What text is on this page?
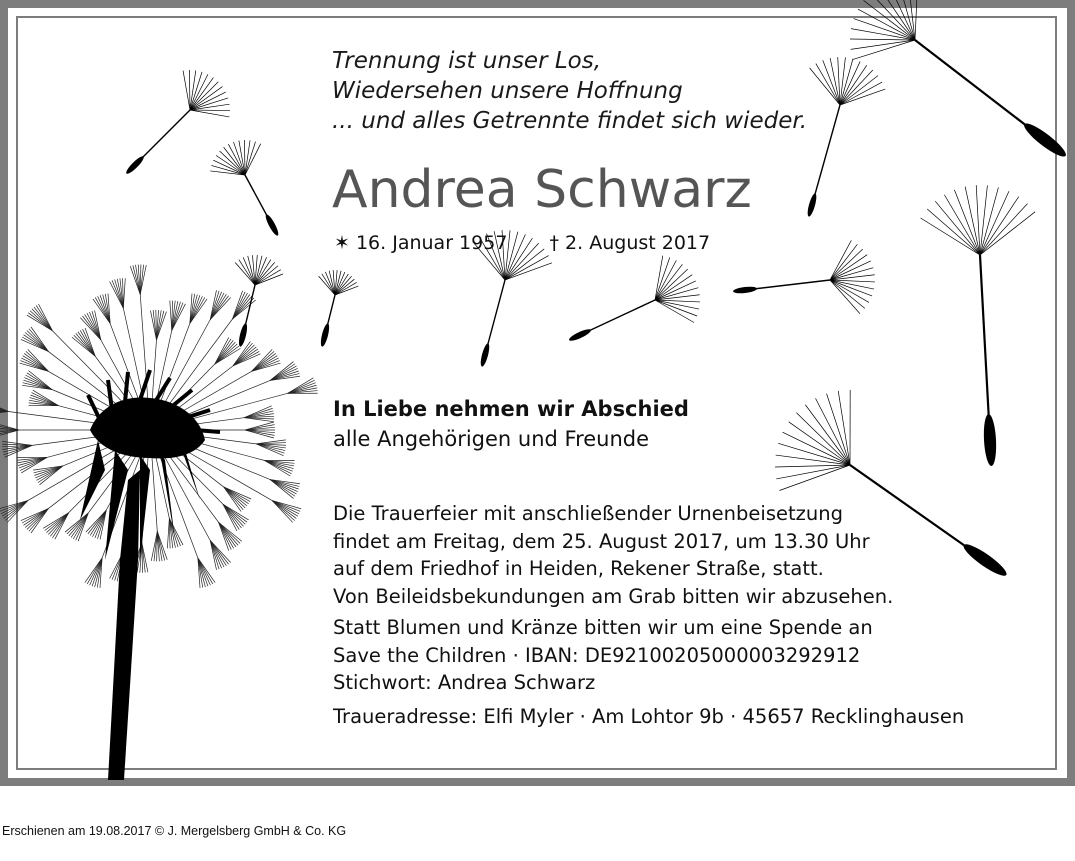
Trennung ist unser Los,
Wiedersehen unsere Hoffnung
... und alles Getrennte findet sich wieder.
Andrea Schwarz
✶ 16. Januar 1957 † 2. August 2017
In Liebe nehmen wir Abschied
alle Angehörigen und Freunde
Die Trauerfeier mit anschließender Urnenbeisetzung
findet am Freitag, dem 25. August 2017, um 13.30 Uhr
auf dem Friedhof in Heiden, Rekener Straße, statt.
Von Beileidsbekundungen am Grab bitten wir abzusehen.
Statt Blumen und Kränze bitten wir um eine Spende an
Save the Children · IBAN: DE92100205000003292912
Stichwort: Andrea Schwarz
Traueradresse: Elfi Myler · Am Lohtor 9b · 45657 Recklinghausen
Erschienen am 19.08.2017 © J. Mergelsberg GmbH & Co. KG
